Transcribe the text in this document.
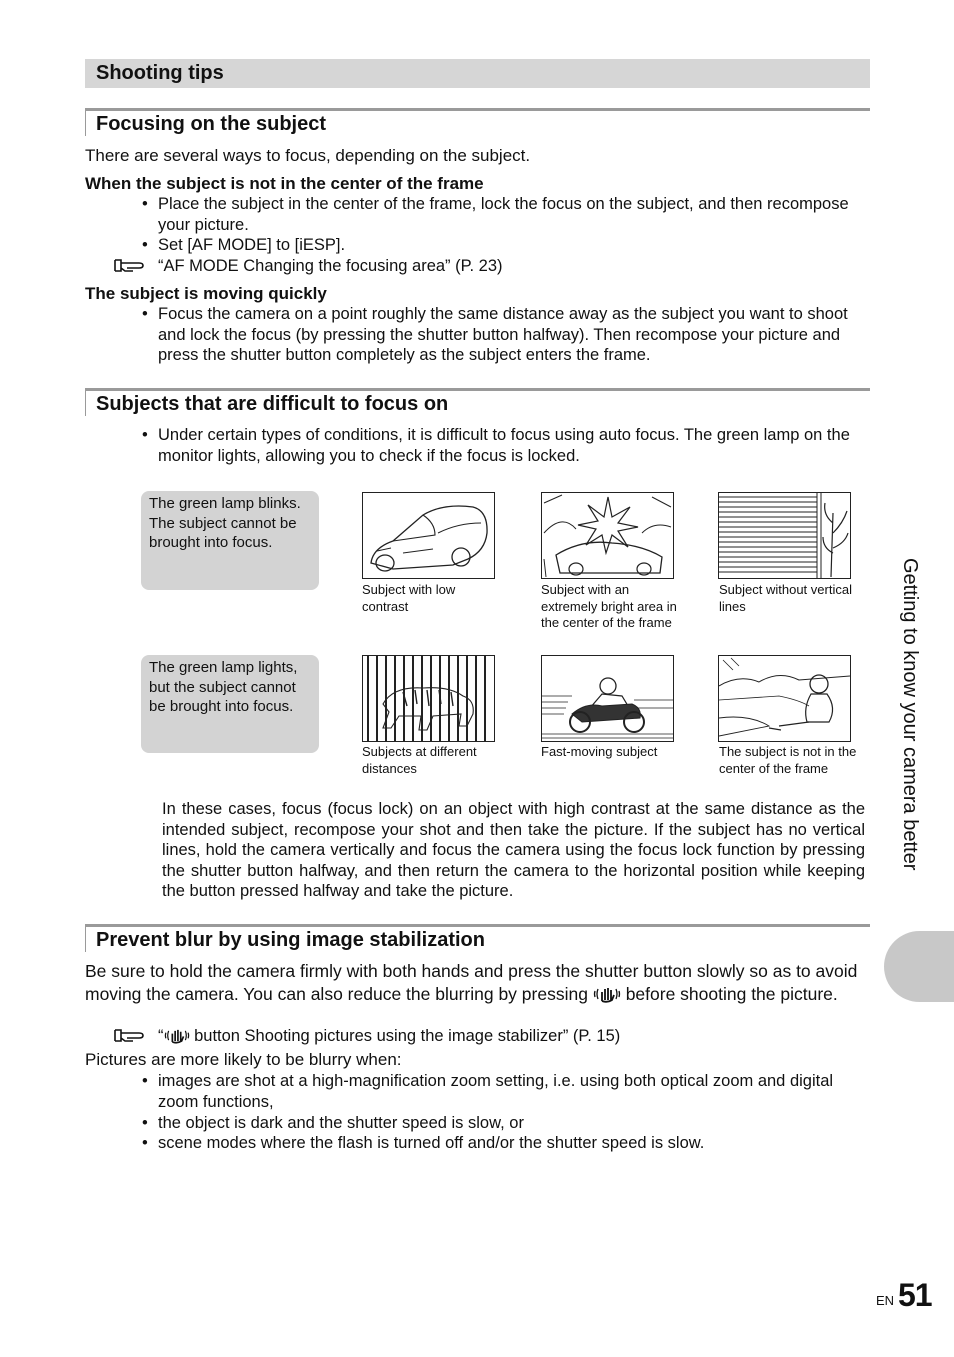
Shooting tips
Focusing on the subject
There are several ways to focus, depending on the subject.
When the subject is not in the center of the frame
• Place the subject in the center of the frame, lock the focus on the subject, and then recompose your picture.
• Set [AF MODE] to [iESP].
“AF MODE Changing the focusing area” (P. 23)
The subject is moving quickly
• Focus the camera on a point roughly the same distance away as the subject you want to shoot and lock the focus (by pressing the shutter button halfway). Then recompose your picture and press the shutter button completely as the subject enters the frame.
Subjects that are difficult to focus on
• Under certain types of conditions, it is difficult to focus using auto focus. The green lamp on the monitor lights, allowing you to check if the focus is locked.
The green lamp blinks.
The subject cannot be brought into focus.
The green lamp lights, but the subject cannot be brought into focus.
Subject with low contrast
Subject with an extremely bright area in the center of the frame
Subject without vertical lines
Subjects at different distances
Fast-moving subject	The subject is not in the center of the frame
In these cases, focus (focus lock) on an object with high contrast at the same distance as the intended subject, recompose your shot and then take the picture. If the subject has no vertical lines, hold the camera vertically and focus the camera using the focus lock function by pressing the shutter button halfway, and then return the camera to the horizontal position while keeping the button pressed halfway and take the picture.
Prevent blur by using image stabilization
Be sure to hold the camera firmly with both hands and press the shutter button slowly so as to avoid moving the camera. You can also reduce the blurring by pressing before shooting the picture.
“ button Shooting pictures using the image stabilizer” (P. 15)
Pictures are more likely to be blurry when:
• images are shot at a high-magnification zoom setting, i.e. using both optical zoom and digital zoom functions,
• the object is dark and the shutter speed is slow, or
• scene modes where the flash is turned off and/or the shutter speed is slow.
Getting to know your camera better
EN 51
